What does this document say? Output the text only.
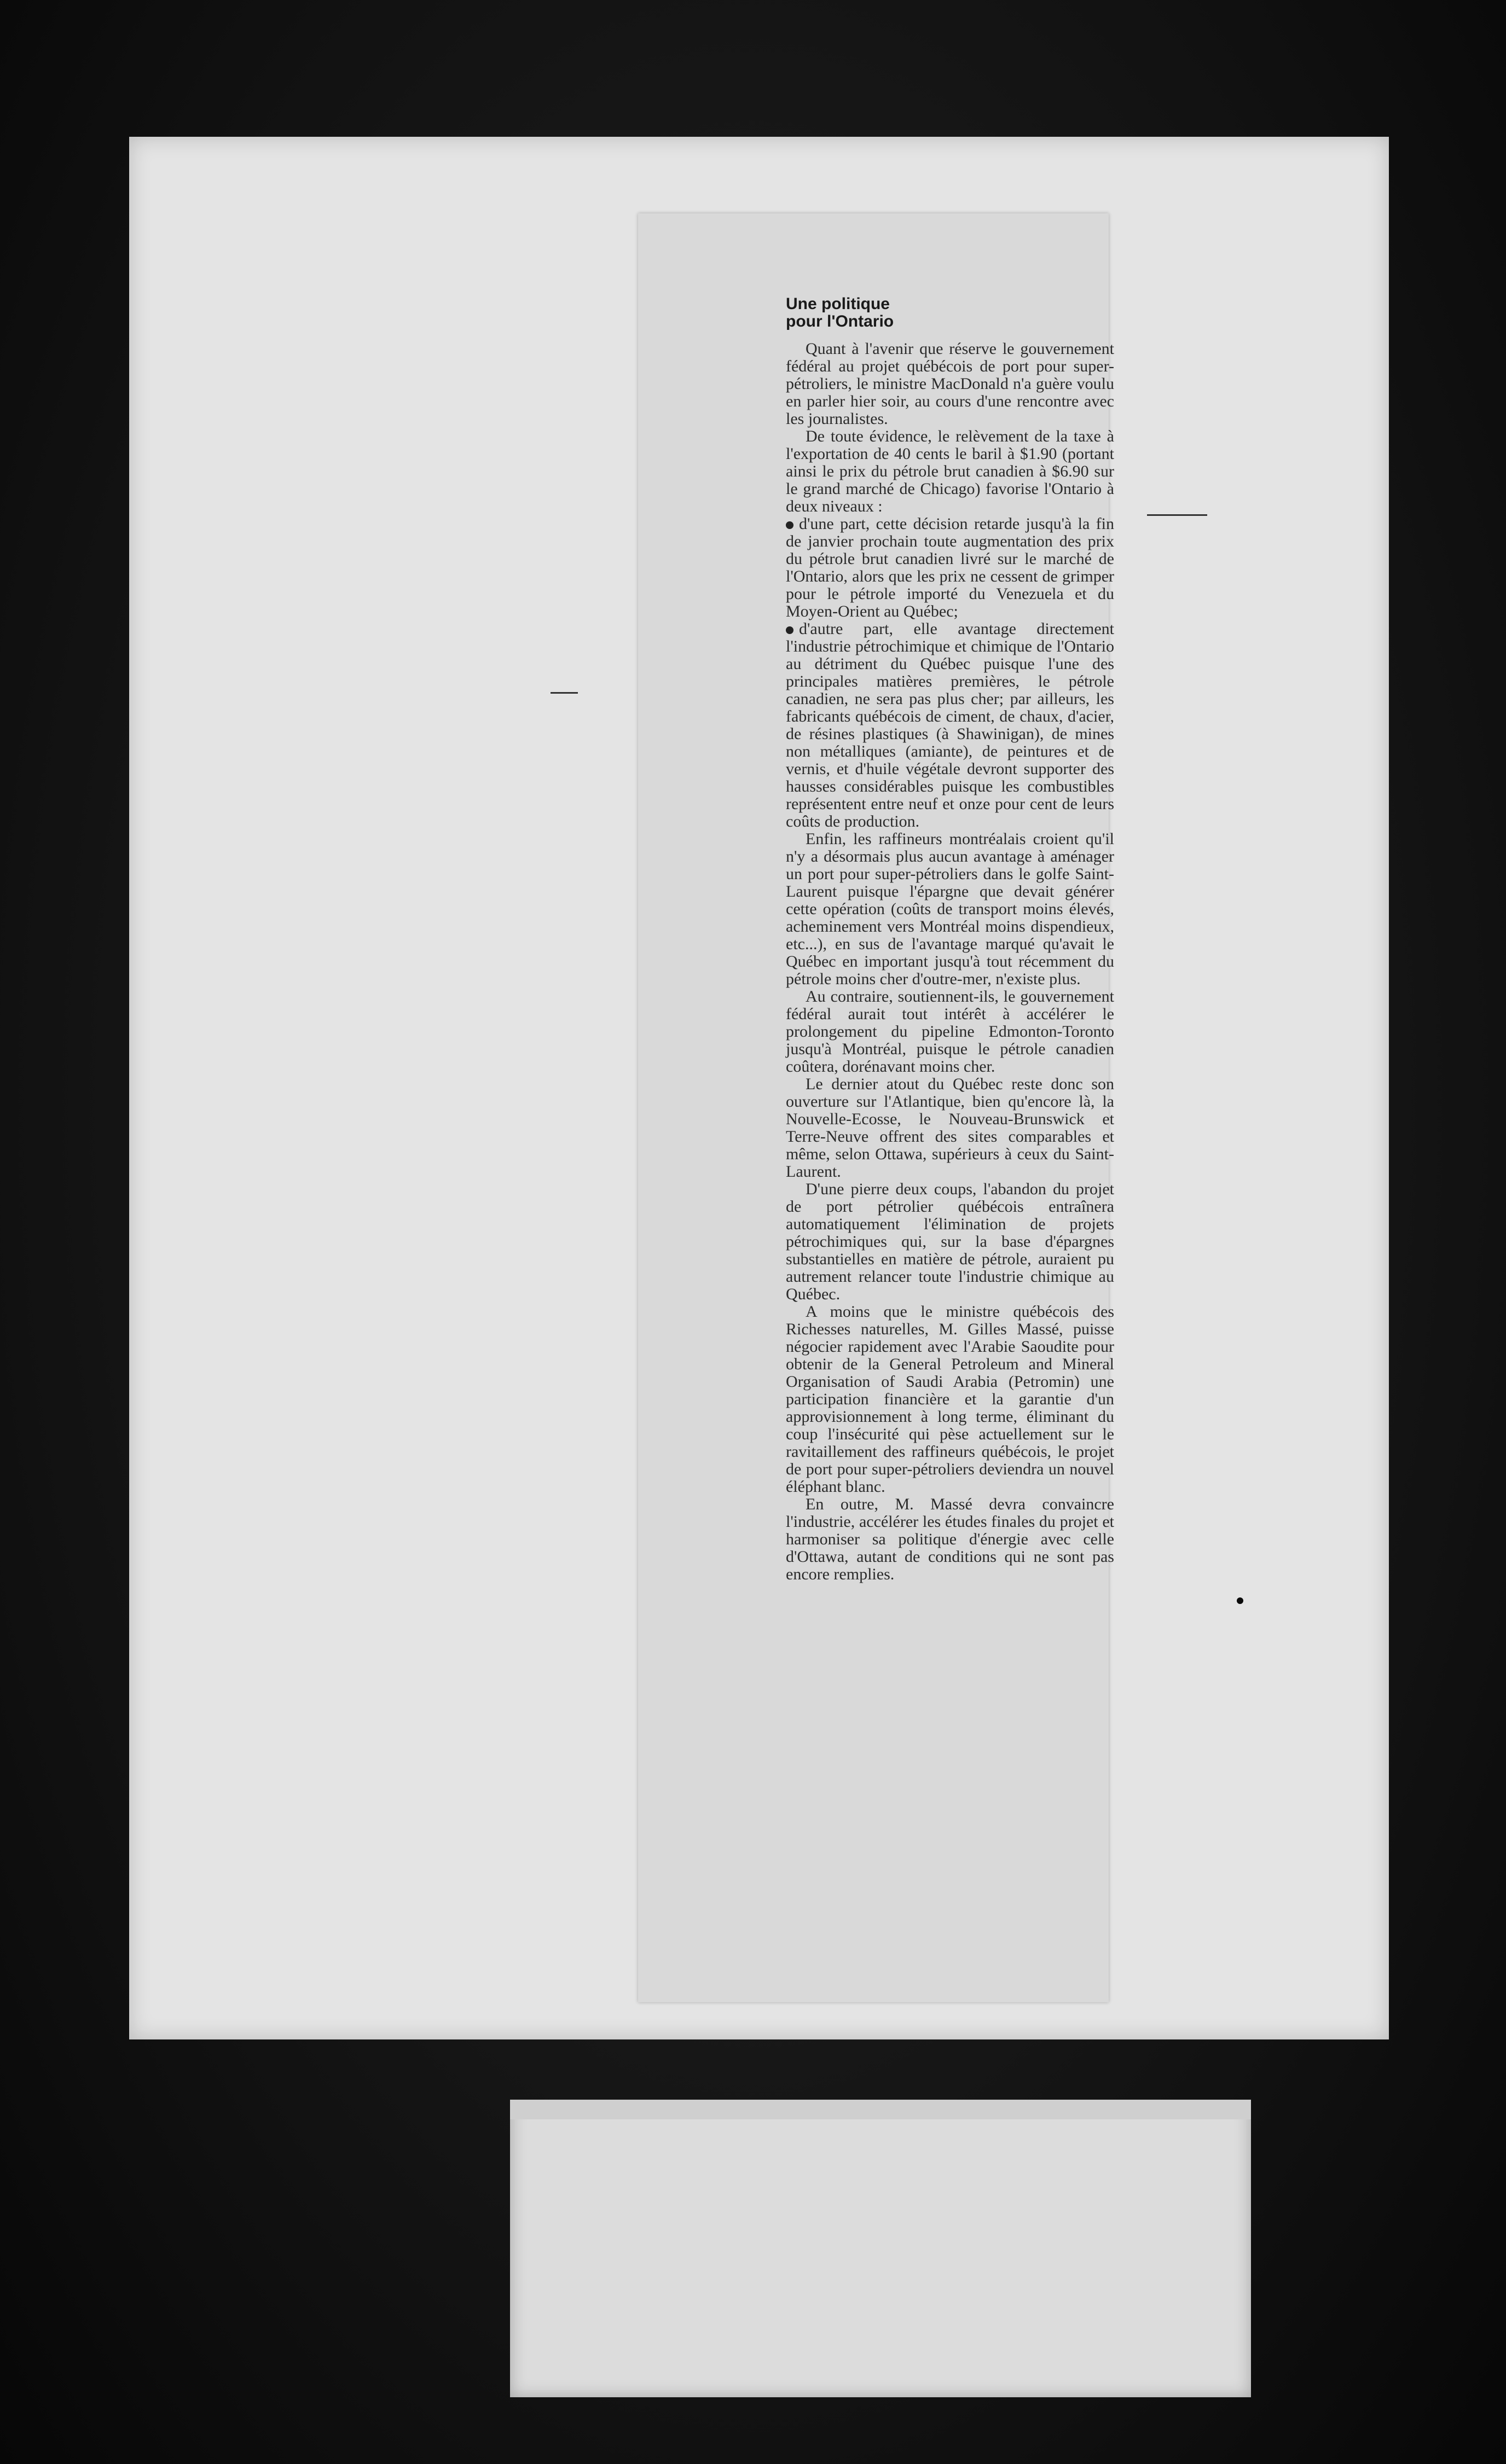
Une politique
pour l'Ontario

Quant à l'avenir que réserve le gouvernement fédéral au projet québécois de port pour super-pétroliers, le ministre MacDonald n'a guère voulu en parler hier soir, au cours d'une rencontre avec les journalistes.

De toute évidence, le relèvement de la taxe à l'exportation de 40 cents le baril à $1.90 (portant ainsi le prix du pétrole brut canadien à $6.90 sur le grand marché de Chicago) favorise l'Ontario à deux niveaux :

d'une part, cette décision retarde jusqu'à la fin de janvier prochain toute augmentation des prix du pétrole brut canadien livré sur le marché de l'Ontario, alors que les prix ne cessent de grimper pour le pétrole importé du Venezuela et du Moyen-Orient au Québec;

d'autre part, elle avantage directement l'industrie pétrochimique et chimique de l'Ontario au détriment du Québec puisque l'une des principales matières premières, le pétrole canadien, ne sera pas plus cher; par ailleurs, les fabricants québécois de ciment, de chaux, d'acier, de résines plastiques (à Shawinigan), de mines non métalliques (amiante), de peintures et de vernis, et d'huile végétale devront supporter des hausses considérables puisque les combustibles représentent entre neuf et onze pour cent de leurs coûts de production.

Enfin, les raffineurs montréalais croient qu'il n'y a désormais plus aucun avantage à aménager un port pour super-pétroliers dans le golfe Saint-Laurent puisque l'épargne que devait générer cette opération (coûts de transport moins élevés, acheminement vers Montréal moins dispendieux, etc...), en sus de l'avantage marqué qu'avait le Québec en important jusqu'à tout récemment du pétrole moins cher d'outre-mer, n'existe plus.

Au contraire, soutiennent-ils, le gouvernement fédéral aurait tout intérêt à accélérer le prolongement du pipeline Edmonton-Toronto jusqu'à Montréal, puisque le pétrole canadien coûtera, dorénavant moins cher.

Le dernier atout du Québec reste donc son ouverture sur l'Atlantique, bien qu'encore là, la Nouvelle-Ecosse, le Nouveau-Brunswick et Terre-Neuve offrent des sites comparables et même, selon Ottawa, supérieurs à ceux du Saint-Laurent.

D'une pierre deux coups, l'abandon du projet de port pétrolier québécois entraînera automatiquement l'élimination de projets pétrochimiques qui, sur la base d'épargnes substantielles en matière de pétrole, auraient pu autrement relancer toute l'industrie chimique au Québec.

A moins que le ministre québécois des Richesses naturelles, M. Gilles Massé, puisse négocier rapidement avec l'Arabie Saoudite pour obtenir de la General Petroleum and Mineral Organisation of Saudi Arabia (Petromin) une participation financière et la garantie d'un approvisionnement à long terme, éliminant du coup l'insécurité qui pèse actuellement sur le ravitaillement des raffineurs québécois, le projet de port pour super-pétroliers deviendra un nouvel éléphant blanc.

En outre, M. Massé devra convaincre l'industrie, accélérer les études finales du projet et harmoniser sa politique d'énergie avec celle d'Ottawa, autant de conditions qui ne sont pas encore remplies.
